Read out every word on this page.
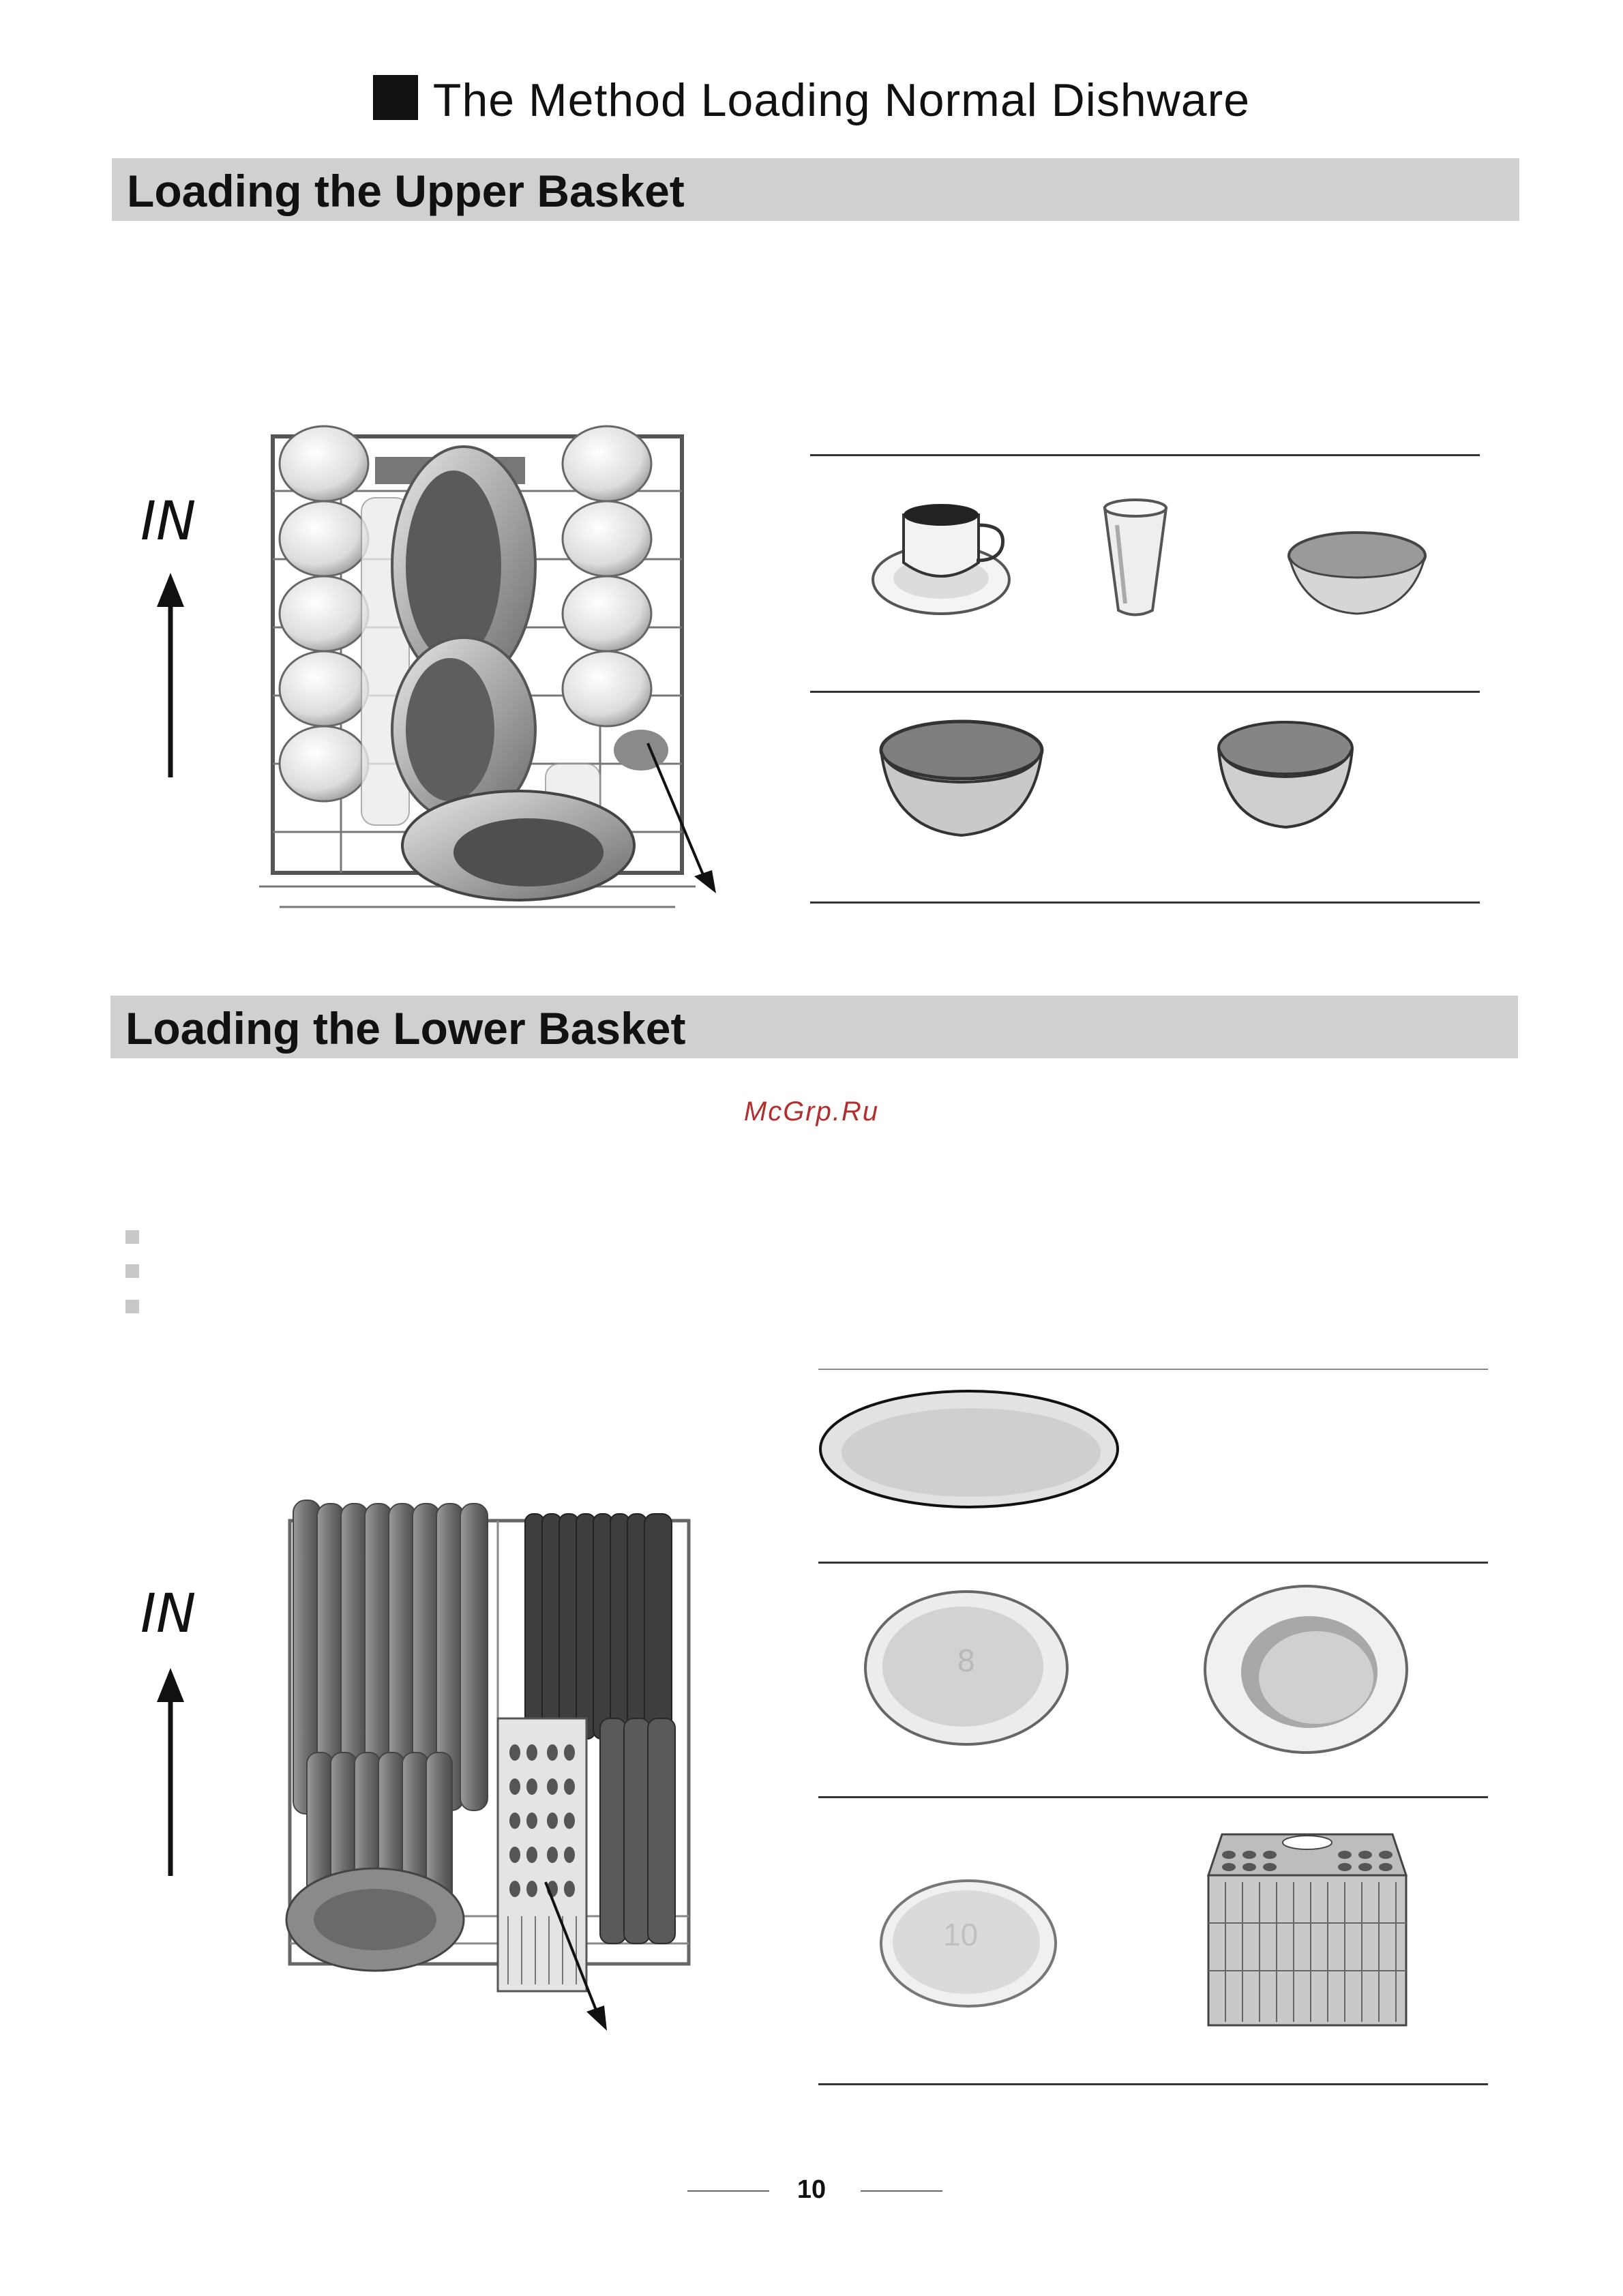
The Method Loading Normal Dishware
Loading the Upper Basket
IN
Loading the Lower Basket
McGrp.Ru
IN
8
10
10
